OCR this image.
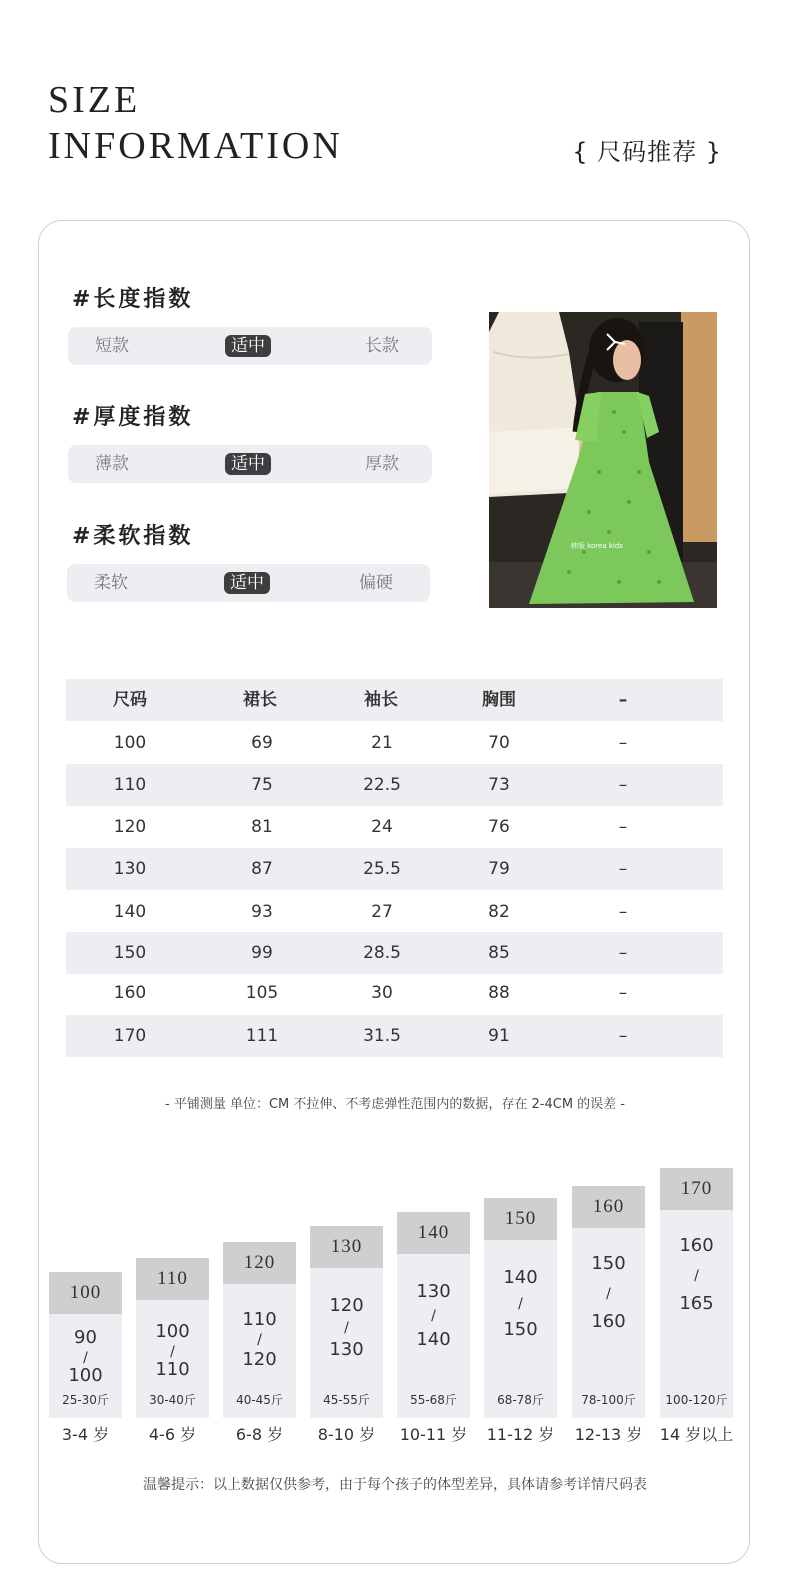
SIZE
INFORMATION	{ 尺码推荐 }
#长度指数
短款	适中	长款
#厚度指数
薄款	适中	厚款
#柔软指数
柔软	适中	偏硬
韩版 korea kids
尺码	裙长	袖长	胸围	–
100	69	21	70	–
110	75	22.5	73	–
120	81	24	76	–
130	87	25.5	79	–
140	93	27	82	–
150	99	28.5	85	–
160	105	30	88	–
170	111	31.5	91	–
- 平铺测量 单位：CM 不拉伸、不考虑弹性范围内的数据，存在 2-4CM 的误差 -
100
90
/
100
25-30斤
3-4 岁
110
100
/
110
30-40斤
4-6 岁
120
110
/
120
40-45斤
6-8 岁
130
120
/
130
45-55斤
8-10 岁
140
130
/
140
55-68斤
10-11 岁
150
140
/
150
68-78斤
11-12 岁
160
150
/
160
78-100斤
12-13 岁
170
160
/
165
100-120斤
14 岁以上
温馨提示：以上数据仅供参考，由于每个孩子的体型差异，具体请参考详情尺码表
